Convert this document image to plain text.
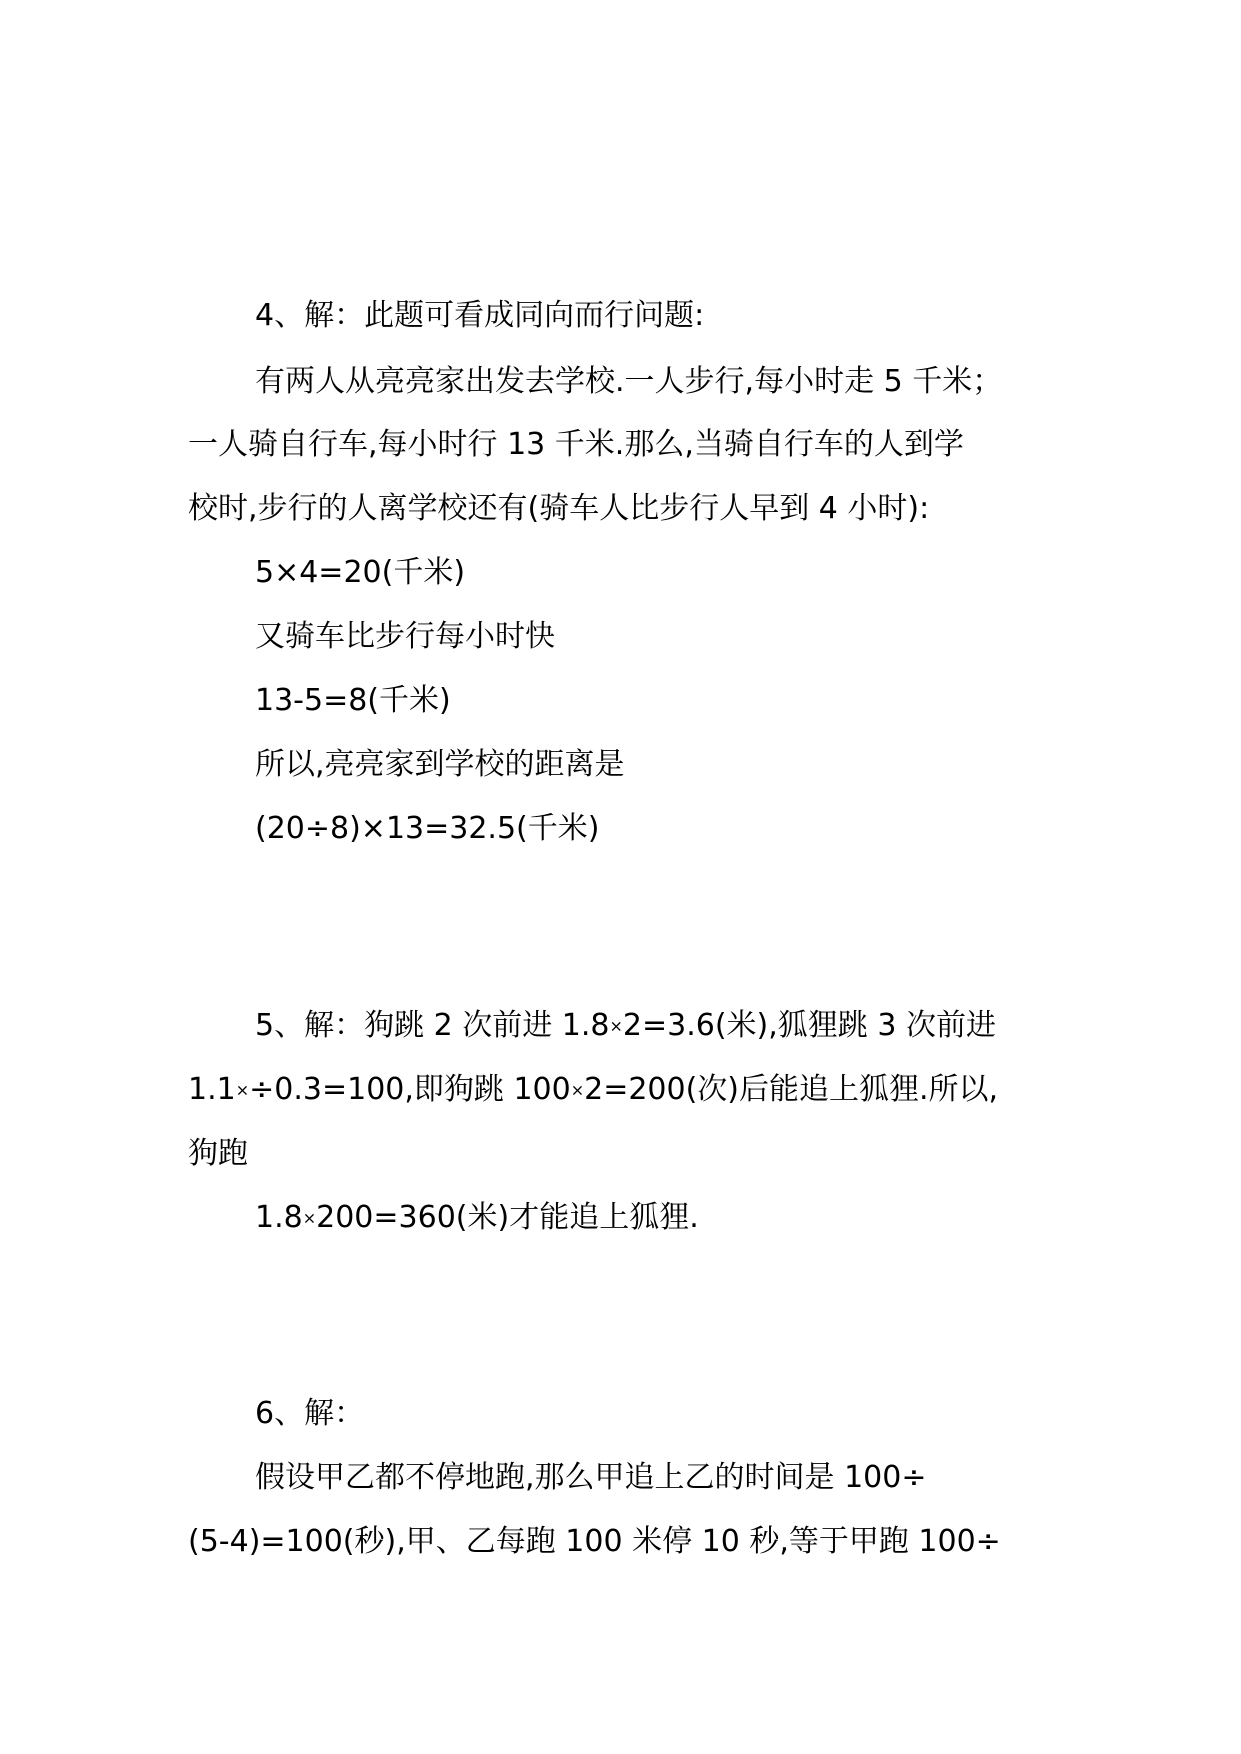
4、解：此题可看成同向而行问题:
有两人从亮亮家出发去学校.一人步行,每小时走 5 千米；
一人骑自行车,每小时行 13 千米.那么,当骑自行车的人到学
校时,步行的人离学校还有(骑车人比步行人早到 4 小时):
5×4=20(千米)
又骑车比步行每小时快
13-5=8(千米)
所以,亮亮家到学校的距离是
(20÷8)×13=32.5(千米)
5、解：狗跳 2 次前进 1.8×2=3.6(米),狐狸跳 3 次前进
1.1×÷0.3=100,即狗跳 100×2=200(次)后能追上狐狸.所以,
狗跑
1.8×200=360(米)才能追上狐狸.
6、解：
假设甲乙都不停地跑,那么甲追上乙的时间是 100÷
(5-4)=100(秒),甲、乙每跑 100 米停 10 秒,等于甲跑 100÷
